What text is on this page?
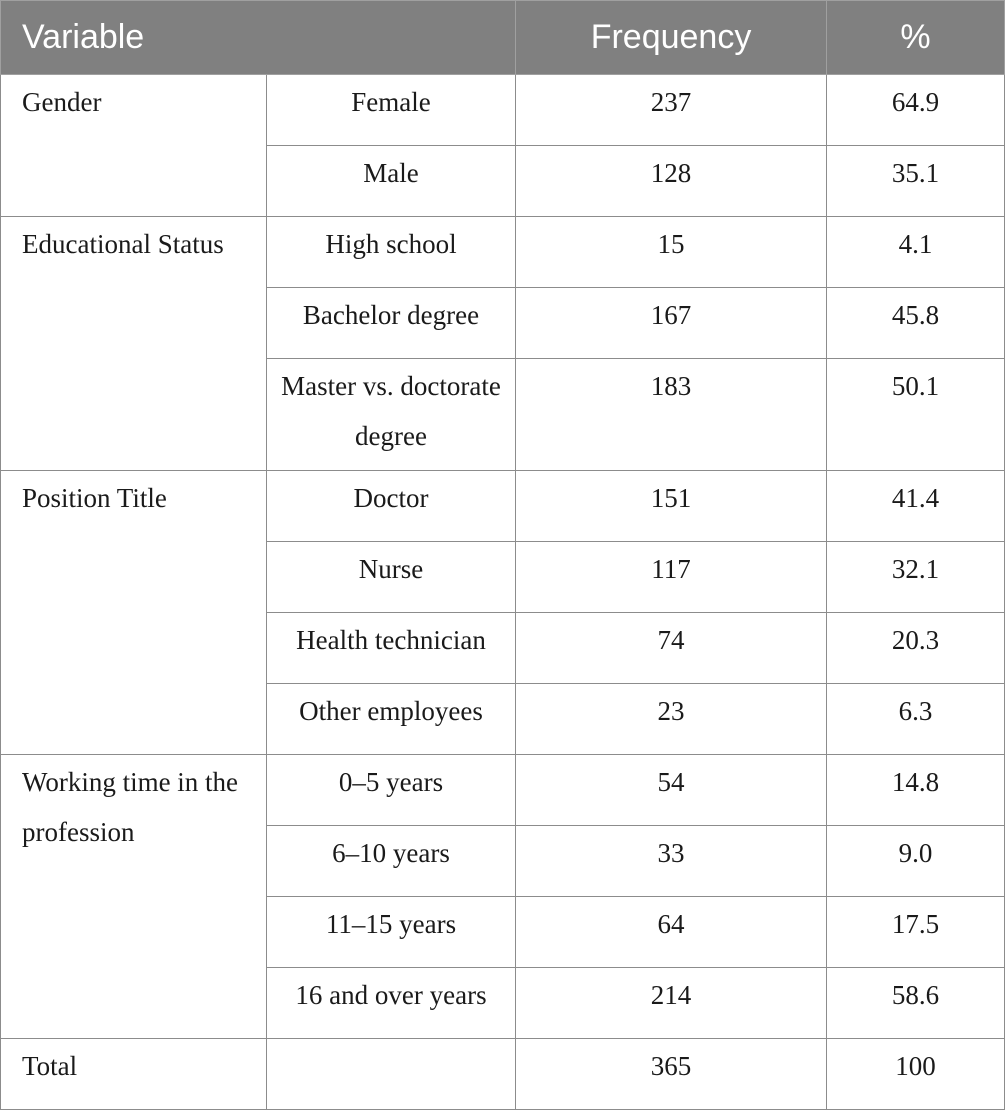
Variable		Frequency	%
Gender	Female	237	64.9
	Male	128	35.1
Educational Status	High school	15	4.1
	Bachelor degree	167	45.8
	Master vs. doctorate degree	183	50.1
Position Title	Doctor	151	41.4
	Nurse	117	32.1
	Health technician	74	20.3
	Other employees	23	6.3
Working time in the profession	0–5 years	54	14.8
	6–10 years	33	9.0
	11–15 years	64	17.5
	16 and over years	214	58.6
Total		365	100
